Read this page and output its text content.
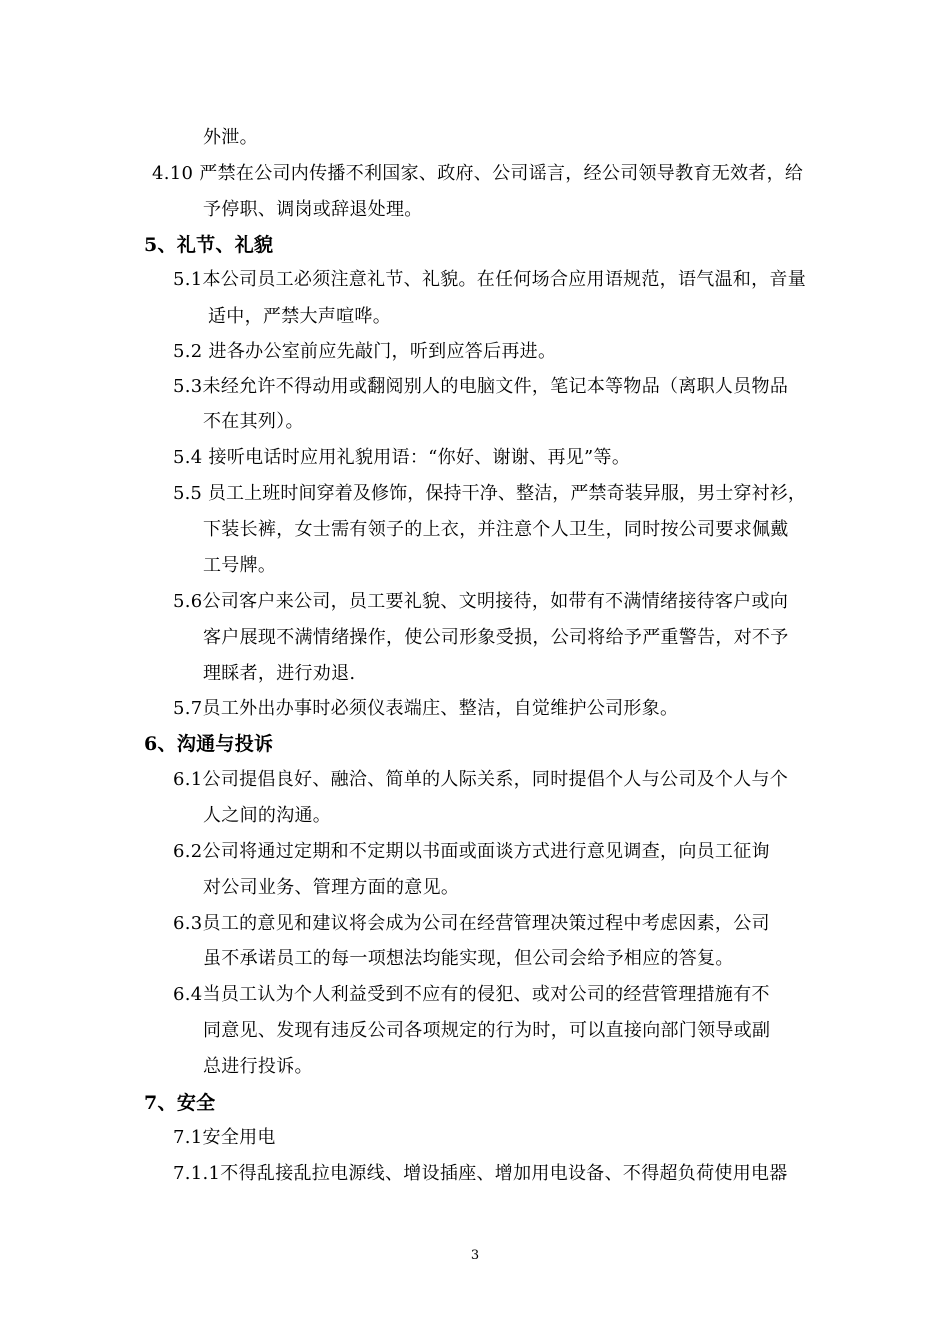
外泄。
4.10 严禁在公司内传播不利国家、政府、公司谣言，经公司领导教育无效者，给
予停职、调岗或辞退处理。
5、礼节、礼貌
5.1本公司员工必须注意礼节、礼貌。在任何场合应用语规范，语气温和，音量
适中，严禁大声喧哗。
5.2 进各办公室前应先敲门，听到应答后再进。
5.3未经允许不得动用或翻阅别人的电脑文件，笔记本等物品（离职人员物品
不在其列）。
5.4 接听电话时应用礼貌用语：“你好、谢谢、再见”等。
5.5 员工上班时间穿着及修饰，保持干净、整洁，严禁奇装异服，男士穿衬衫，
下装长裤，女士需有领子的上衣，并注意个人卫生，同时按公司要求佩戴
工号牌。
5.6公司客户来公司，员工要礼貌、文明接待，如带有不满情绪接待客户或向
客户展现不满情绪操作，使公司形象受损，公司将给予严重警告，对不予
理睬者，进行劝退.
5.7员工外出办事时必须仪表端庄、整洁，自觉维护公司形象。
6、沟通与投诉
6.1公司提倡良好、融洽、简单的人际关系，同时提倡个人与公司及个人与个
人之间的沟通。
6.2公司将通过定期和不定期以书面或面谈方式进行意见调查，向员工征询
对公司业务、管理方面的意见。
6.3员工的意见和建议将会成为公司在经营管理决策过程中考虑因素，公司
虽不承诺员工的每一项想法均能实现，但公司会给予相应的答复。
6.4当员工认为个人利益受到不应有的侵犯、或对公司的经营管理措施有不
同意见、发现有违反公司各项规定的行为时，可以直接向部门领导或副
总进行投诉。
7、安全
7.1安全用电
7.1.1不得乱接乱拉电源线、增设插座、增加用电设备、不得超负荷使用电器
3
